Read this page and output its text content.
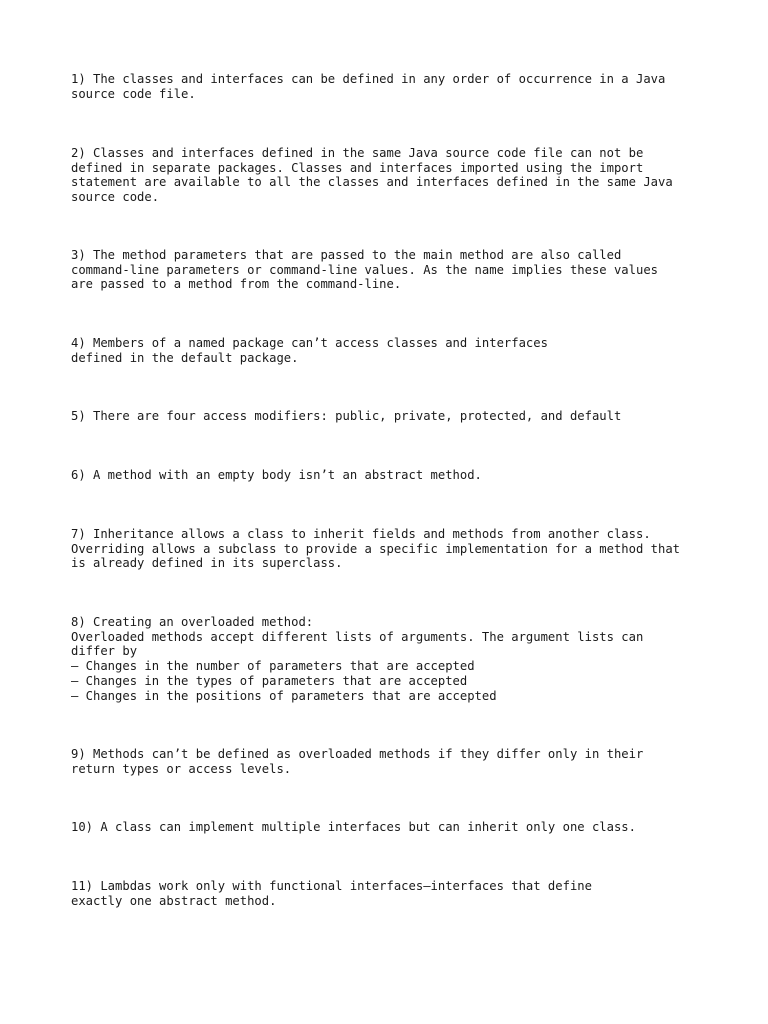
1) The classes and interfaces can be defined in any order of occurrence in a Java
source code file.

2) Classes and interfaces defined in the same Java source code file can not be
defined in separate packages. Classes and interfaces imported using the import
statement are available to all the classes and interfaces defined in the same Java
source code.

3) The method parameters that are passed to the main method are also called
command-line parameters or command-line values. As the name implies these values
are passed to a method from the command-line.

4) Members of a named package can’t access classes and interfaces
defined in the default package.

5) There are four access modifiers: public, private, protected, and default

6) A method with an empty body isn’t an abstract method.

7) Inheritance allows a class to inherit fields and methods from another class.
Overriding allows a subclass to provide a specific implementation for a method that
is already defined in its superclass.

8) Creating an overloaded method:
Overloaded methods accept different lists of arguments. The argument lists can
differ by
– Changes in the number of parameters that are accepted
– Changes in the types of parameters that are accepted
– Changes in the positions of parameters that are accepted

9) Methods can’t be defined as overloaded methods if they differ only in their
return types or access levels.

10) A class can implement multiple interfaces but can inherit only one class.

11) Lambdas work only with functional interfaces—interfaces that define
exactly one abstract method.
